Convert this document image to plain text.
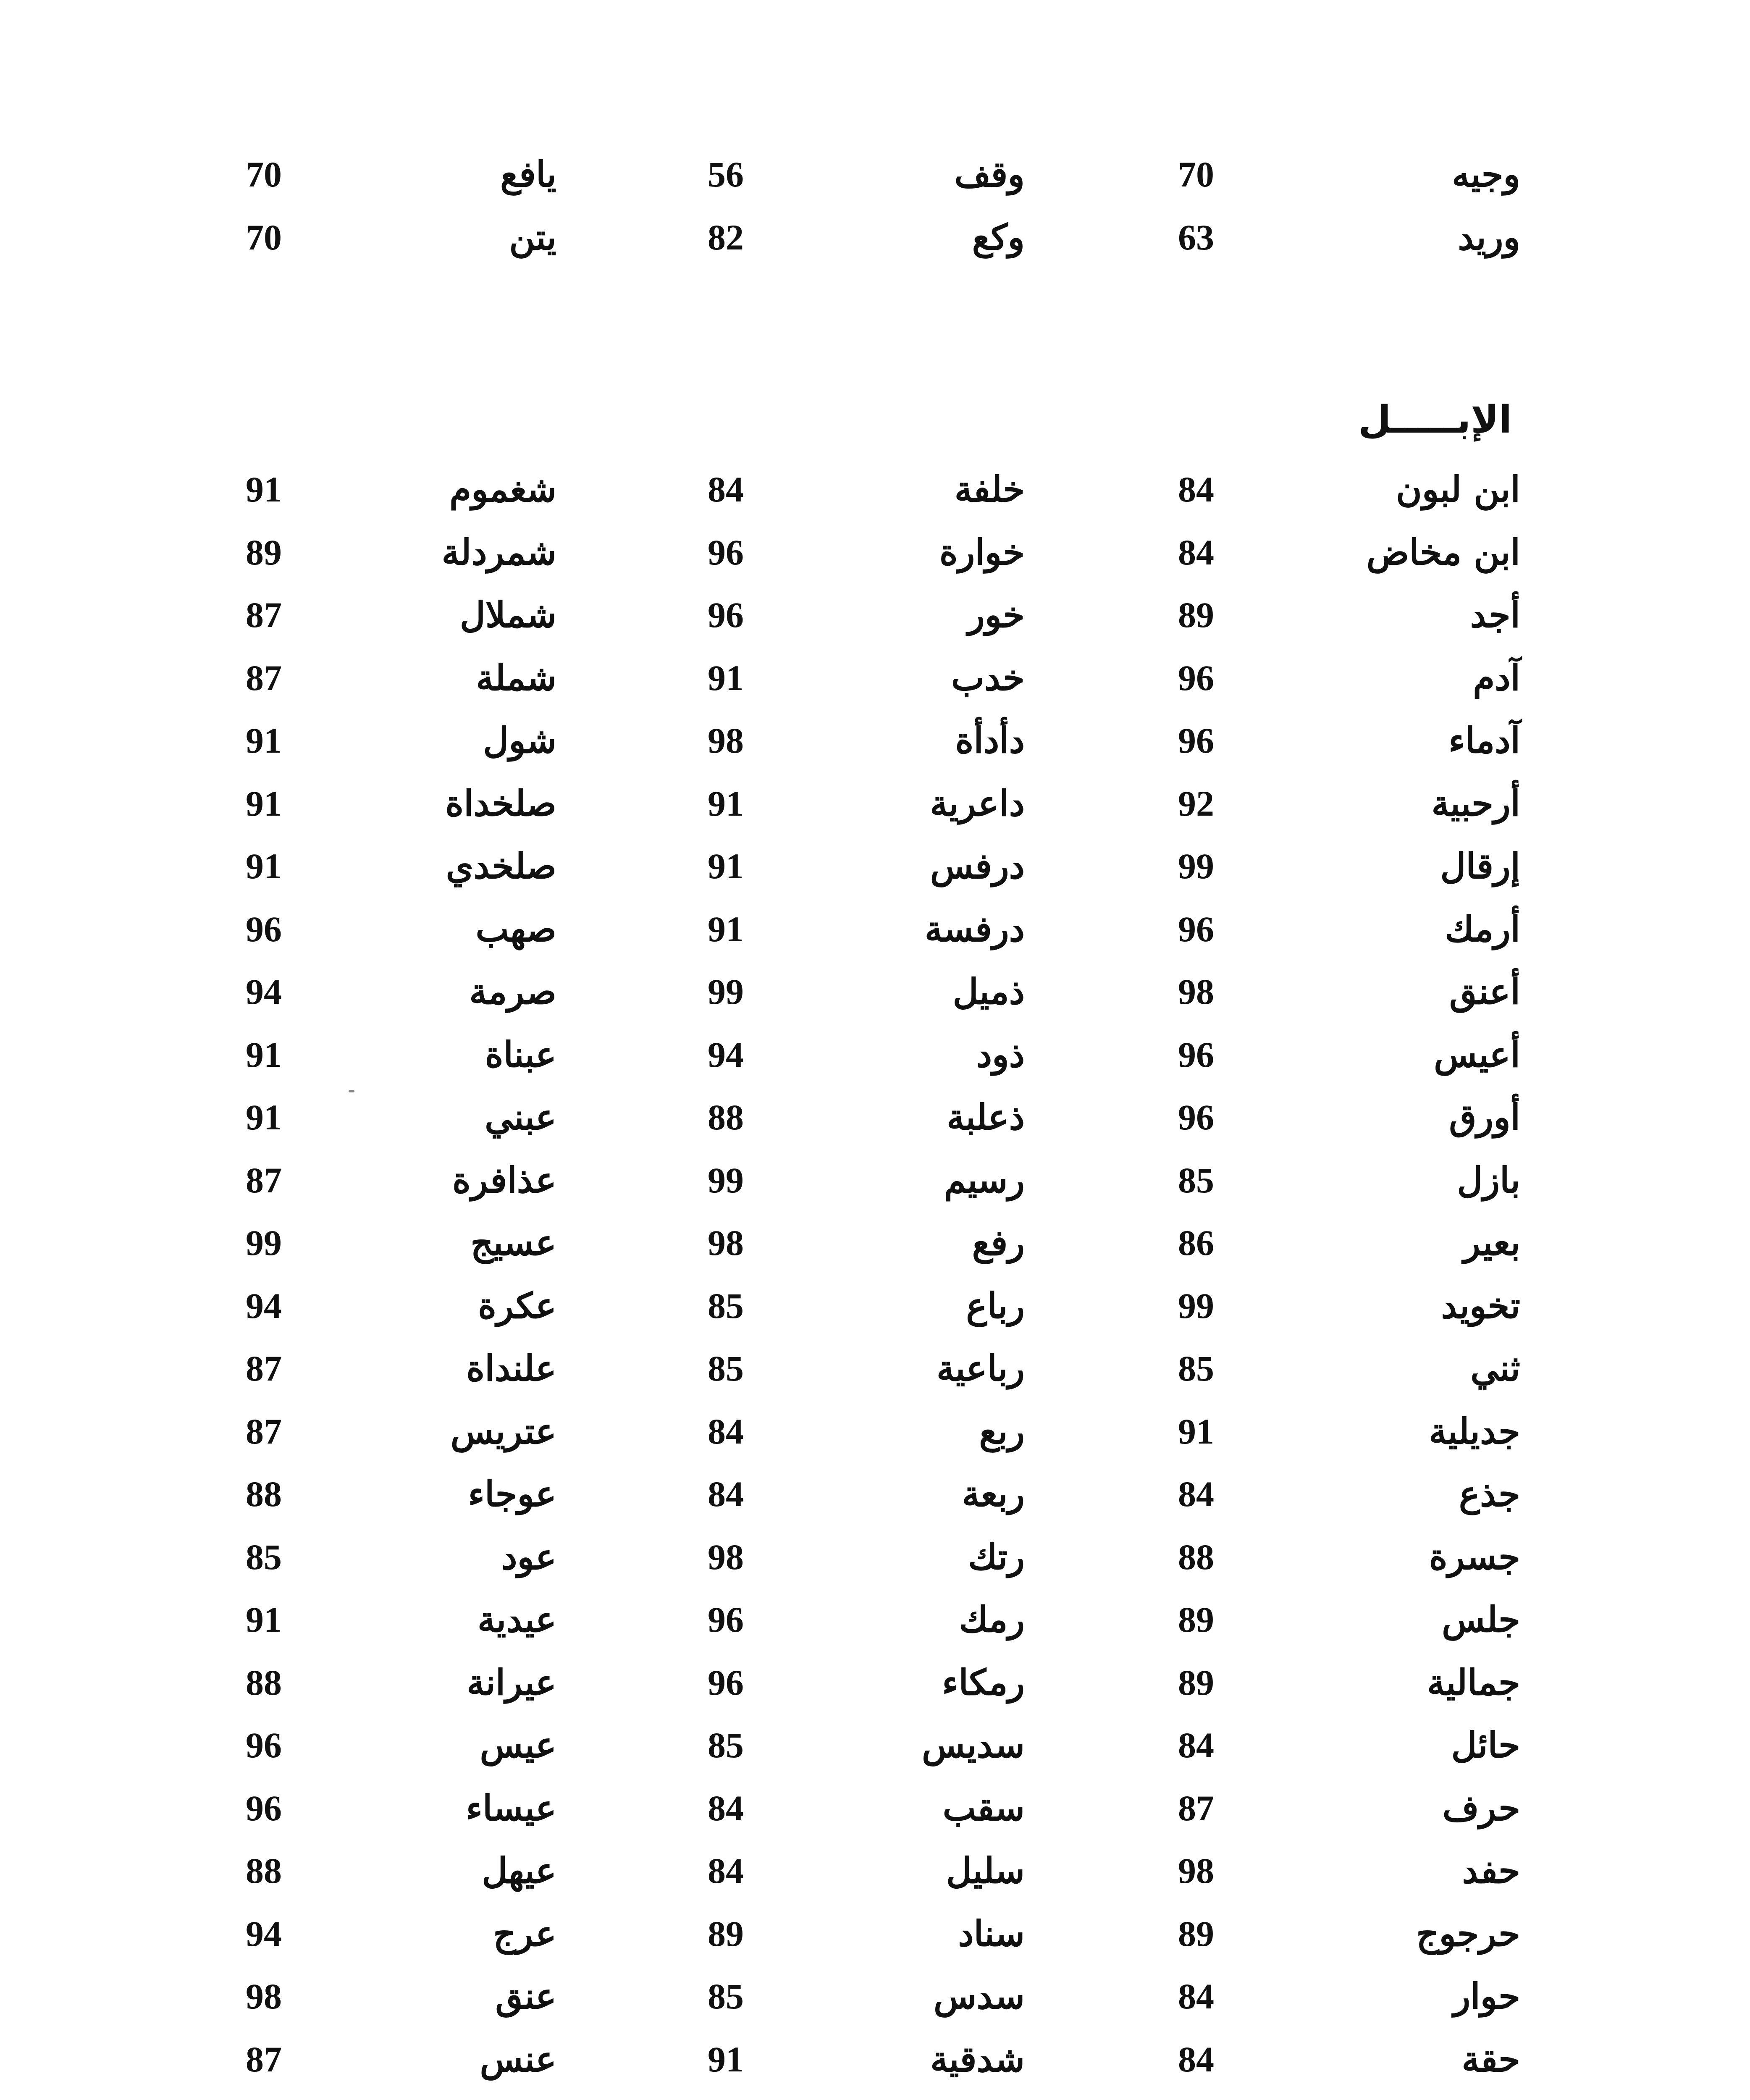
وجيه
70
وقف
56
يافع
70
وريد
63
وكع
82
يتن
70
الإبـــــل
ابن لبون
84
خلفة
84
شغموم
91
ابن مخاض
84
خوارة
96
شمردلة
89
أجد
89
خور
96
شملال
87
آدم
96
خدب
91
شملة
87
آدماء
96
دأدأة
98
شول
91
أرحبية
92
داعرية
91
صلخداة
91
إرقال
99
درفس
91
صلخدي
91
أرمك
96
درفسة
91
صهب
96
أعنق
98
ذميل
99
صرمة
94
أعيس
96
ذود
94
عبناة
91
أورق
96
ذعلبة
88
عبني
91
بازل
85
رسيم
99
عذافرة
87
بعير
86
رفع
98
عسيج
99
تخويد
99
رباع
85
عكرة
94
ثني
85
رباعية
85
علنداة
87
جديلية
91
ربع
84
عتريس
87
جذع
84
ربعة
84
عوجاء
88
جسرة
88
رتك
98
عود
85
جلس
89
رمك
96
عيدية
91
جمالية
89
رمكاء
96
عيرانة
88
حائل
84
سديس
85
عيس
96
حرف
87
سقب
84
عيساء
96
حفد
98
سليل
84
عيهل
88
حرجوج
89
سناد
89
عرج
94
حوار
84
سدس
85
عنق
98
حقة
84
شدقية
91
عنس
87
